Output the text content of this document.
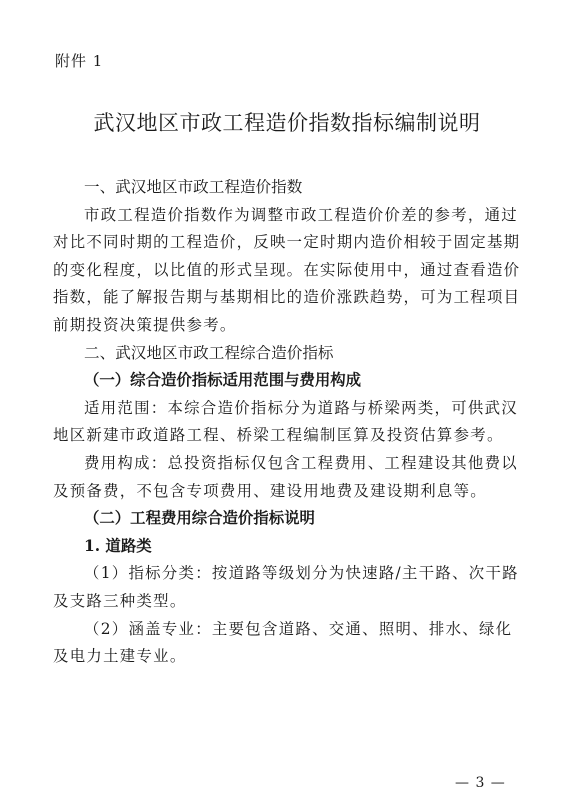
附件 1
武汉地区市政工程造价指数指标编制说明
一、武汉地区市政工程造价指数
市政工程造价指数作为调整市政工程造价价差的参考，通过
对比不同时期的工程造价，反映一定时期内造价相较于固定基期
的变化程度，以比值的形式呈现。在实际使用中，通过查看造价
指数，能了解报告期与基期相比的造价涨跌趋势，可为工程项目
前期投资决策提供参考。
二、武汉地区市政工程综合造价指标
（一）综合造价指标适用范围与费用构成
适用范围：本综合造价指标分为道路与桥梁两类，可供武汉
地区新建市政道路工程、桥梁工程编制匡算及投资估算参考。
费用构成：总投资指标仅包含工程费用、工程建设其他费以
及预备费，不包含专项费用、建设用地费及建设期利息等。
（二）工程费用综合造价指标说明
1. 道路类
（1）指标分类：按道路等级划分为快速路/主干路、次干路
及支路三种类型。
（2）涵盖专业：主要包含道路、交通、照明、排水、绿化
及电力土建专业。
— 3 —
